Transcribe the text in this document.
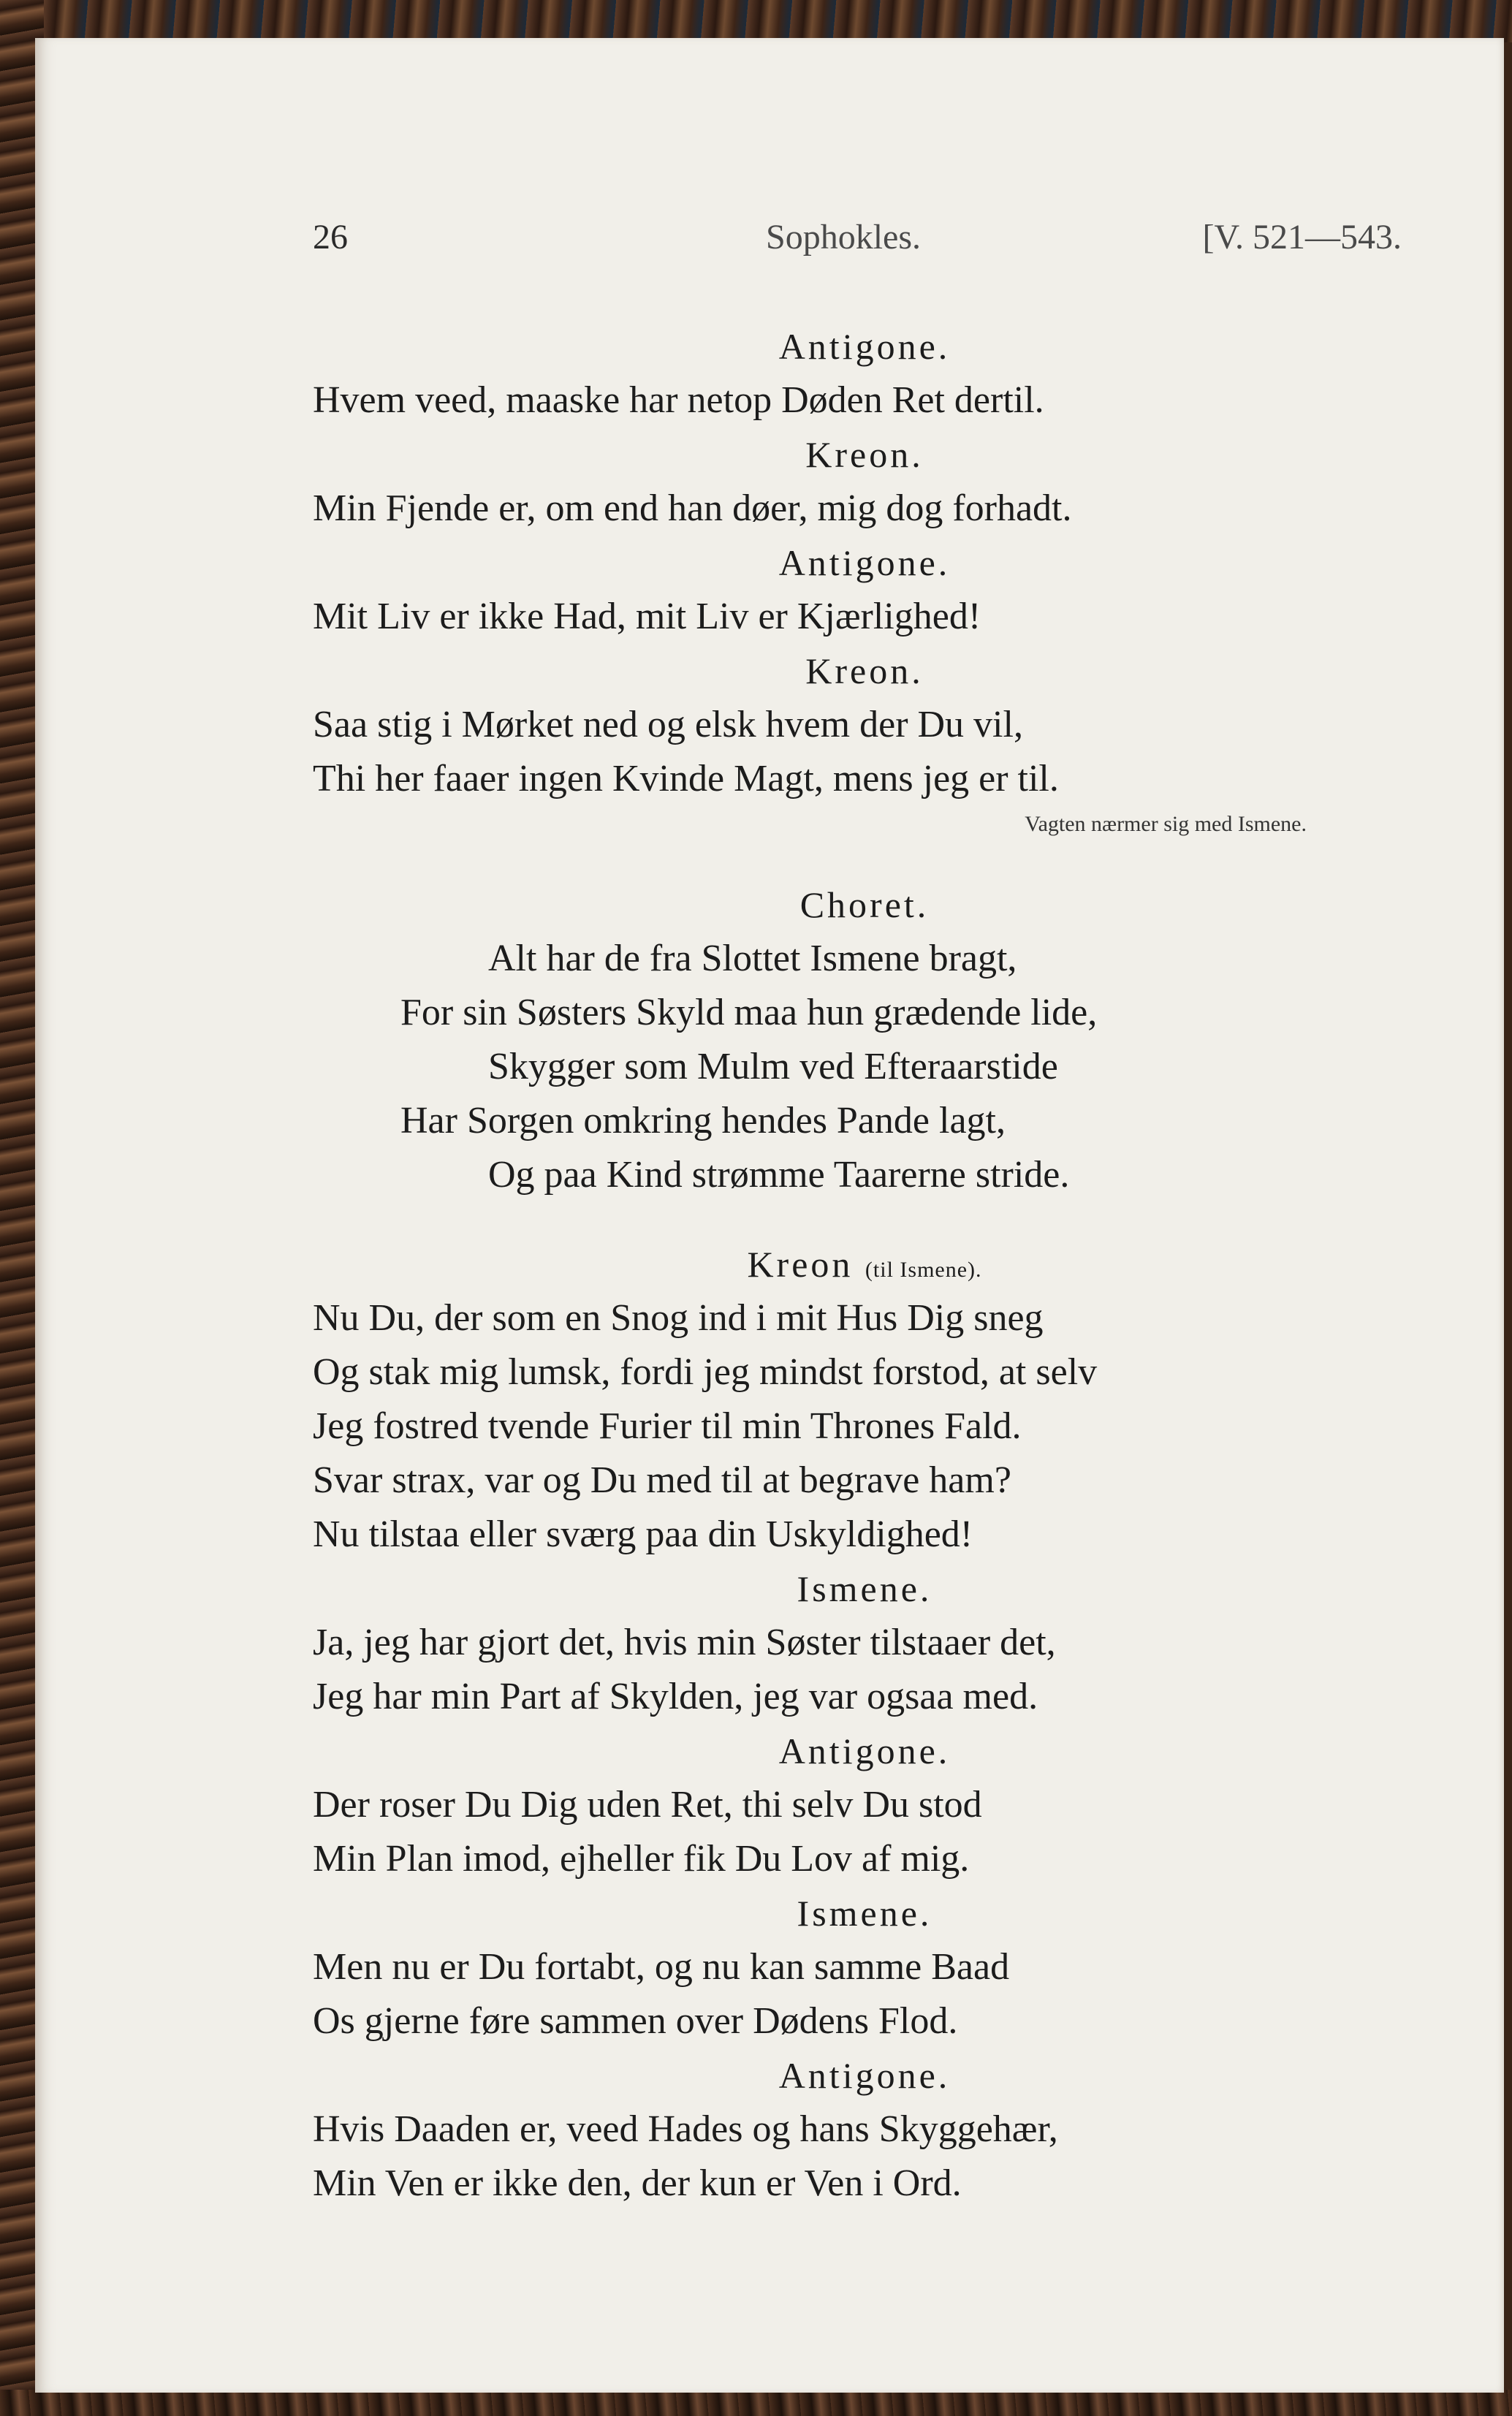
26	Sophokles.	[V. 521—543.
Antigone.
Hvem veed, maaske har netop Døden Ret dertil.
Kreon.
Min Fjende er, om end han døer, mig dog forhadt.
Antigone.
Mit Liv er ikke Had, mit Liv er Kjærlighed!
Kreon.
Saa stig i Mørket ned og elsk hvem der Du vil,
Thi her faaer ingen Kvinde Magt, mens jeg er til.
Vagten nærmer sig med Ismene.
Choret.
Alt har de fra Slottet Ismene bragt,
For sin Søsters Skyld maa hun grædende lide,
Skygger som Mulm ved Efteraarstide
Har Sorgen omkring hendes Pande lagt,
Og paa Kind strømme Taarerne stride.
Kreon (til Ismene).
Nu Du, der som en Snog ind i mit Hus Dig sneg
Og stak mig lumsk, fordi jeg mindst forstod, at selv
Jeg fostred tvende Furier til min Thrones Fald.
Svar strax, var og Du med til at begrave ham?
Nu tilstaa eller sværg paa din Uskyldighed!
Ismene.
Ja, jeg har gjort det, hvis min Søster tilstaaer det,
Jeg har min Part af Skylden, jeg var ogsaa med.
Antigone.
Der roser Du Dig uden Ret, thi selv Du stod
Min Plan imod, ejheller fik Du Lov af mig.
Ismene.
Men nu er Du fortabt, og nu kan samme Baad
Os gjerne føre sammen over Dødens Flod.
Antigone.
Hvis Daaden er, veed Hades og hans Skyggehær,
Min Ven er ikke den, der kun er Ven i Ord.
